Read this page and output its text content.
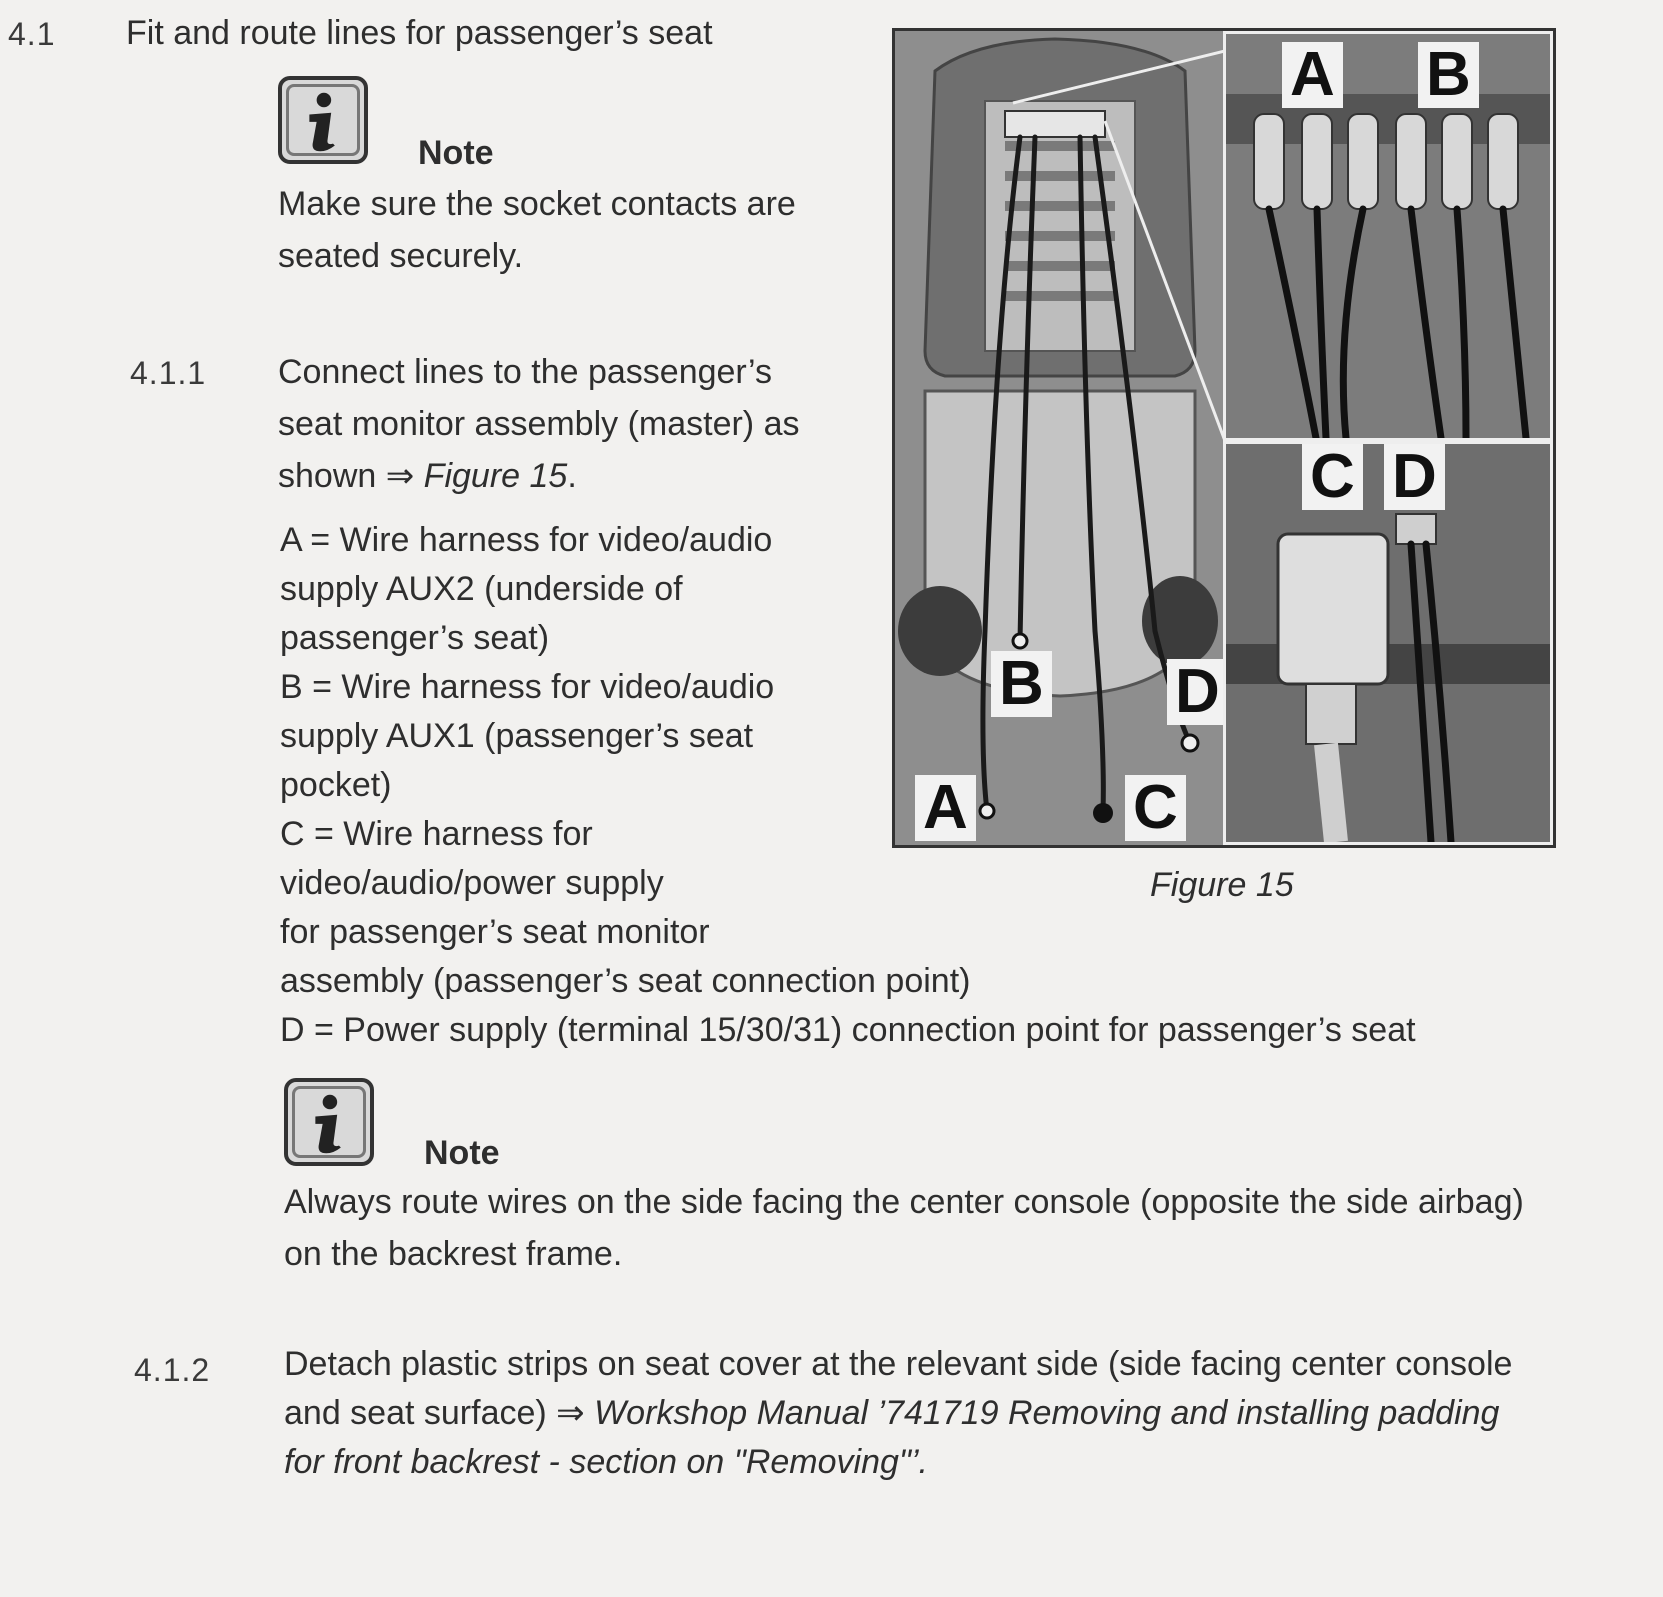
4.1 Fit and route lines for passenger’s seat
Note
Make sure the socket contacts are
seated securely.
4.1.1 Connect lines to the passenger’s
seat monitor assembly (master) as
shown ⇒ Figure 15.
A = Wire harness for video/audio
supply AUX2 (underside of
passenger’s seat)
B = Wire harness for video/audio
supply AUX1 (passenger’s seat
pocket)
C = Wire harness for
video/audio/power supply
for passenger’s seat monitor
assembly (passenger’s seat connection point)
D = Power supply (terminal 15/30/31) connection point for passenger’s seat
B D
A	C
A B
C D
Figure 15
Note
Always route wires on the side facing the center console (opposite the side airbag)
on the backrest frame.
4.1.2 Detach plastic strips on seat cover at the relevant side (side facing center console
and seat surface) ⇒ Workshop Manual ’741719 Removing and installing padding
for front backrest - section on "Removing"’.
